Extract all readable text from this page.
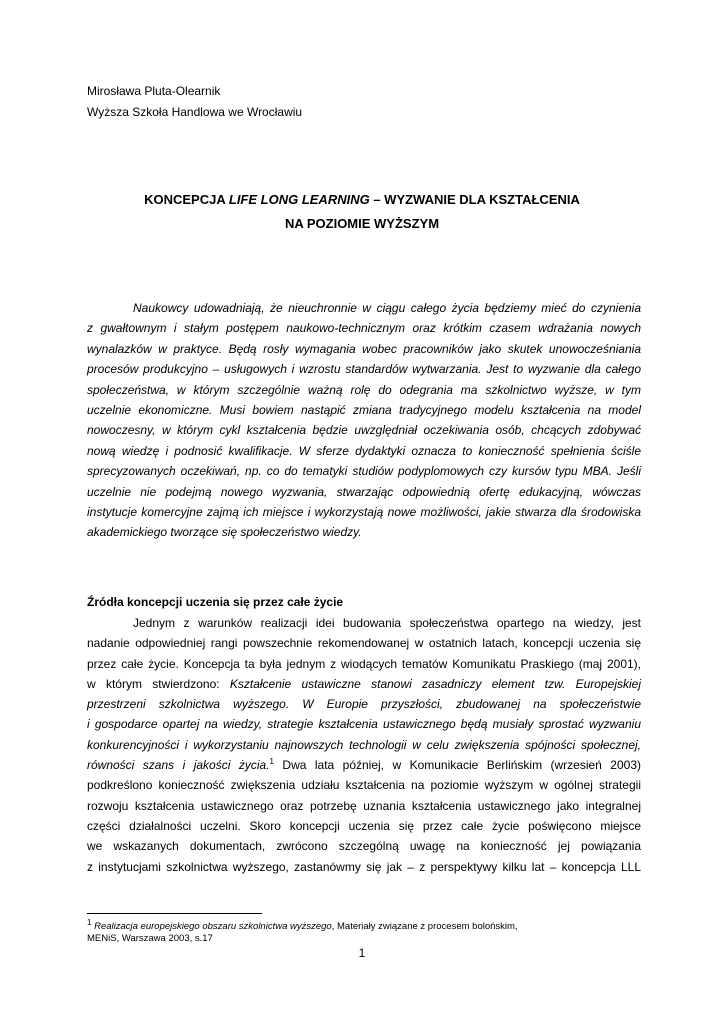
Mirosława Pluta-Olearnik
Wyższa Szkoła Handlowa we Wrocławiu
KONCEPCJA LIFE LONG LEARNING – WYZWANIE DLA KSZTAŁCENIA
NA POZIOMIE WYŻSZYM
Naukowcy udowadniają, że nieuchronnie w ciągu całego życia będziemy mieć do czynienia
z gwałtownym i stałym postępem naukowo-technicznym oraz krótkim czasem wdrażania nowych
wynalazków w praktyce. Będą rosły wymagania wobec pracowników jako skutek unowocześniania
procesów produkcyjno – usługowych i wzrostu standardów wytwarzania. Jest to wyzwanie dla całego
społeczeństwa, w którym szczególnie ważną rolę do odegrania ma szkolnictwo wyższe, w tym
uczelnie ekonomiczne. Musi bowiem nastąpić zmiana tradycyjnego modelu kształcenia na model
nowoczesny, w którym cykl kształcenia będzie uwzględniał oczekiwania osób, chcących zdobywać
nową wiedzę i podnosić kwalifikacje. W sferze dydaktyki oznacza to konieczność spełnienia ściśle
sprecyzowanych oczekiwań, np. co do tematyki studiów podyplomowych czy kursów typu MBA. Jeśli
uczelnie nie podejmą nowego wyzwania, stwarzając odpowiednią ofertę edukacyjną, wówczas
instytucje komercyjne zajmą ich miejsce i wykorzystają nowe możliwości, jakie stwarza dla środowiska
akademickiego tworzące się społeczeństwo wiedzy.
Źródła koncepcji uczenia się przez całe życie
Jednym z warunków realizacji idei budowania społeczeństwa opartego na wiedzy, jest
nadanie odpowiedniej rangi powszechnie rekomendowanej w ostatnich latach, koncepcji uczenia się
przez całe życie. Koncepcja ta była jednym z wiodących tematów Komunikatu Praskiego (maj 2001),
w którym stwierdzono: Kształcenie ustawiczne stanowi zasadniczy element tzw. Europejskiej
przestrzeni szkolnictwa wyższego. W Europie przyszłości, zbudowanej na społeczeństwie
i gospodarce opartej na wiedzy, strategie kształcenia ustawicznego będą musiały sprostać wyzwaniu
konkurencyjności i wykorzystaniu najnowszych technologii w celu zwiększenia spójności społecznej,
równości szans i jakości życia.$^1$ Dwa lata później, w Komunikacie Berlińskim (wrzesień 2003)
podkreślono konieczność zwiększenia udziału kształcenia na poziomie wyższym w ogólnej strategii
rozwoju kształcenia ustawicznego oraz potrzebę uznania kształcenia ustawicznego jako integralnej
części działalności uczelni. Skoro koncepcji uczenia się przez całe życie poświęcono miejsce
we wskazanych dokumentach, zwrócono szczególną uwagę na konieczność jej powiązania
z instytucjami szkolnictwa wyższego, zastanówmy się jak – z perspektywy kilku lat – koncepcja LLL
$^1$ Realizacja europejskiego obszaru szkolnictwa wyższego, Materiały związane z procesem bolońskim,
MENiS, Warszawa 2003, s.17
1
